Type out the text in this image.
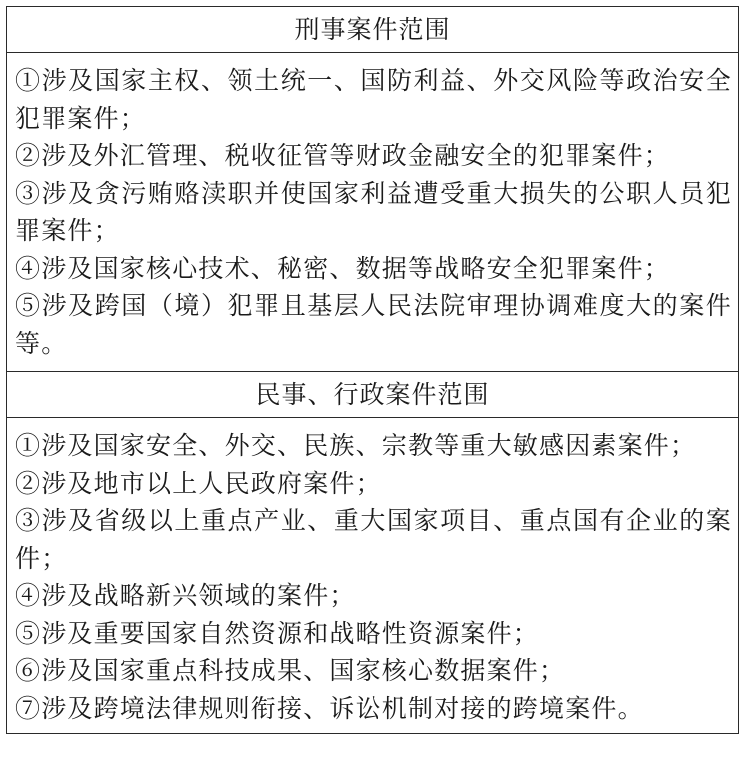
刑事案件范围

①涉及国家主权、领土统一、国防利益、外交风险等政治安全犯罪案件；

②涉及外汇管理、税收征管等财政金融安全的犯罪案件；

③涉及贪污贿赂渎职并使国家利益遭受重大损失的公职人员犯罪案件；

④涉及国家核心技术、秘密、数据等战略安全犯罪案件；

⑤涉及跨国（境）犯罪且基层人民法院审理协调难度大的案件等。

民事、行政案件范围

①涉及国家安全、外交、民族、宗教等重大敏感因素案件；

②涉及地市以上人民政府案件；

③涉及省级以上重点产业、重大国家项目、重点国有企业的案件；

④涉及战略新兴领域的案件；

⑤涉及重要国家自然资源和战略性资源案件；

⑥涉及国家重点科技成果、国家核心数据案件；

⑦涉及跨境法律规则衔接、诉讼机制对接的跨境案件。
